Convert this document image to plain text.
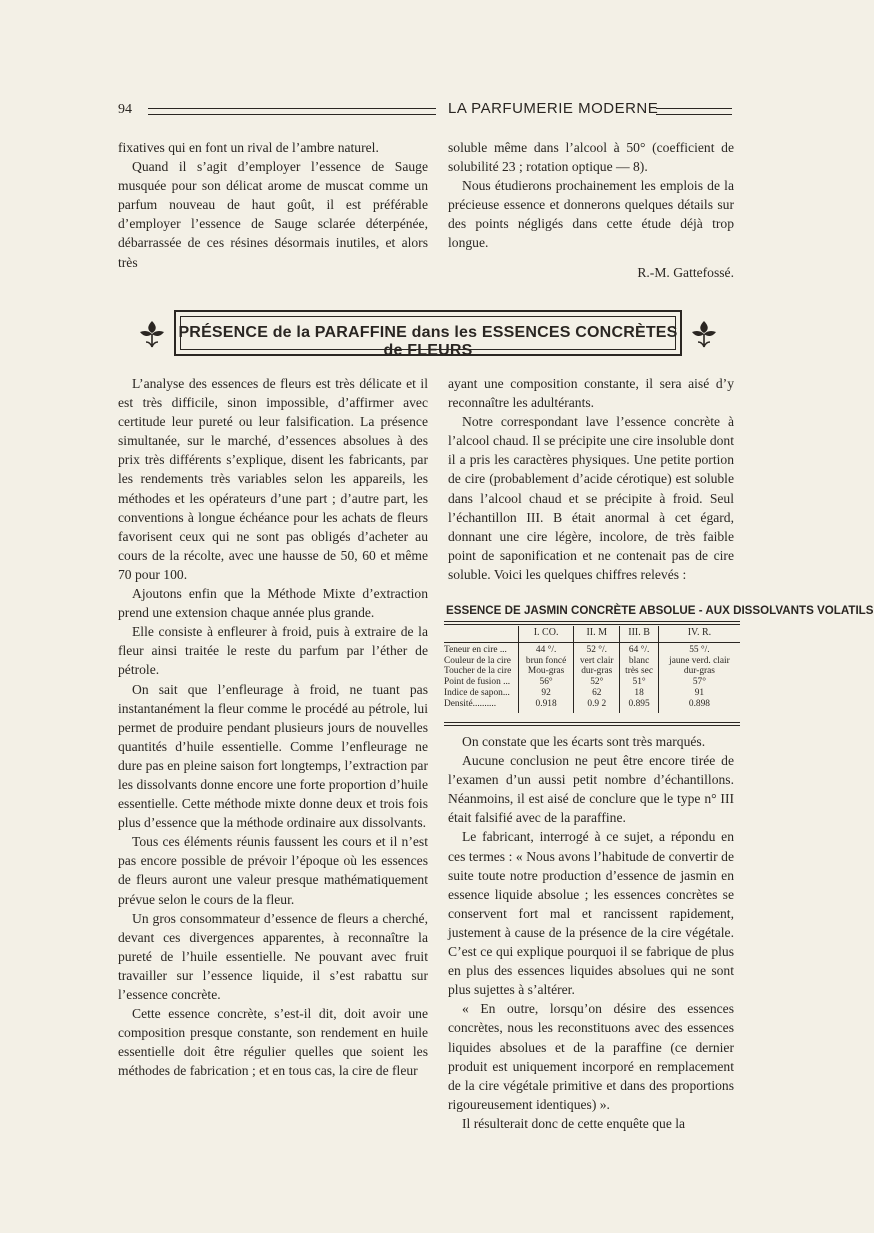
94	LA PARFUMERIE MODERNE

fixatives qui en font un rival de l’ambre naturel.

Quand il s’agit d’employer l’essence de Sauge musquée pour son délicat arome de muscat comme un parfum nouveau de haut goût, il est préférable d’employer l’essence de Sauge sclarée déterpénée, débarrassée de ces résines désormais inutiles, et alors très

soluble même dans l’alcool à 50° (coefficient de solubilité 23 ; rotation optique — 8).

Nous étudierons prochainement les emplois de la précieuse essence et donnerons quelques détails sur des points négligés dans cette étude déjà trop longue.

R.-M. Gattefossé.

PRÉSENCE de la PARAFFINE dans les ESSENCES CONCRÈTES de FLEURS

L’analyse des essences de fleurs est très délicate et il est très difficile, sinon impossible, d’affirmer avec certitude leur pureté ou leur falsification. La présence simultanée, sur le marché, d’essences absolues à des prix très différents s’explique, disent les fabricants, par les rendements très variables selon les appareils, les méthodes et les opérateurs d’une part ; d’autre part, les conventions à longue échéance pour les achats de fleurs favorisent ceux qui ne sont pas obligés d’acheter au cours de la récolte, avec une hausse de 50, 60 et même 70 pour 100.

Ajoutons enfin que la Méthode Mixte d’extraction prend une extension chaque année plus grande.

Elle consiste à enfleurer à froid, puis à extraire de la fleur ainsi traitée le reste du parfum par l’éther de pétrole.

On sait que l’enfleurage à froid, ne tuant pas instantanément la fleur comme le procédé au pétrole, lui permet de produire pendant plusieurs jours de nouvelles quantités d’huile essentielle. Comme l’enfleurage ne dure pas en pleine saison fort longtemps, l’extraction par les dissolvants donne encore une forte proportion d’huile essentielle. Cette méthode mixte donne deux et trois fois plus d’essence que la méthode ordinaire aux dissolvants.

Tous ces éléments réunis faussent les cours et il n’est pas encore possible de prévoir l’époque où les essences de fleurs auront une valeur presque mathématiquement prévue selon le cours de la fleur.

Un gros consommateur d’essence de fleurs a cherché, devant ces divergences apparentes, à reconnaître la pureté de l’huile essentielle. Ne pouvant avec fruit travailler sur l’essence liquide, il s’est rabattu sur l’essence concrète.

Cette essence concrète, s’est-il dit, doit avoir une composition presque constante, son rendement en huile essentielle doit être régulier quelles que soient les méthodes de fabrication ; et en tous cas, la cire de fleur

ayant une composition constante, il sera aisé d’y reconnaître les adultérants.

Notre correspondant lave l’essence concrète à l’alcool chaud. Il se précipite une cire insoluble dont il a pris les caractères physiques. Une petite portion de cire (probablement d’acide cérotique) est soluble dans l’alcool chaud et se précipite à froid. Seul l’échantillon III. B était anormal à cet égard, donnant une cire légère, incolore, de très faible point de saponification et ne contenait pas de cire soluble. Voici les quelques chiffres relevés :

ESSENCE DE JASMIN CONCRÈTE ABSOLUE - AUX DISSOLVANTS VOLATILS
	I. CO.	II. M	III. B	IV. R.
Teneur en cire ...	44 °/.	52 °/.	64 °/.	55 °/.
Couleur de la cire	brun foncé	vert clair	blanc	jaune verd. clair
Toucher de la cire	Mou-gras	dur-gras	très sec	dur-gras
Point de fusion ...	56°	52°	51°	57°
Indice de sapon...	92	62	18	91
Densité..........	0.918	0.9 2	0.895	0.898

On constate que les écarts sont très marqués.

Aucune conclusion ne peut être encore tirée de l’examen d’un aussi petit nombre d’échantillons. Néanmoins, il est aisé de conclure que le type n° III était falsifié avec de la paraffine.

Le fabricant, interrogé à ce sujet, a répondu en ces termes : « Nous avons l’habitude de convertir de suite toute notre production d’essence de jasmin en essence liquide absolue ; les essences concrètes se conservent fort mal et rancissent rapidement, justement à cause de la présence de la cire végétale. C’est ce qui explique pourquoi il se fabrique de plus en plus des essences liquides absolues qui ne sont plus sujettes à s’altérer.

« En outre, lorsqu’on désire des essences concrètes, nous les reconstituons avec des essences liquides absolues et de la paraffine (ce dernier produit est uniquement incorporé en remplacement de la cire végétale primitive et dans des proportions rigoureusement identiques) ».

Il résulterait donc de cette enquête que la
